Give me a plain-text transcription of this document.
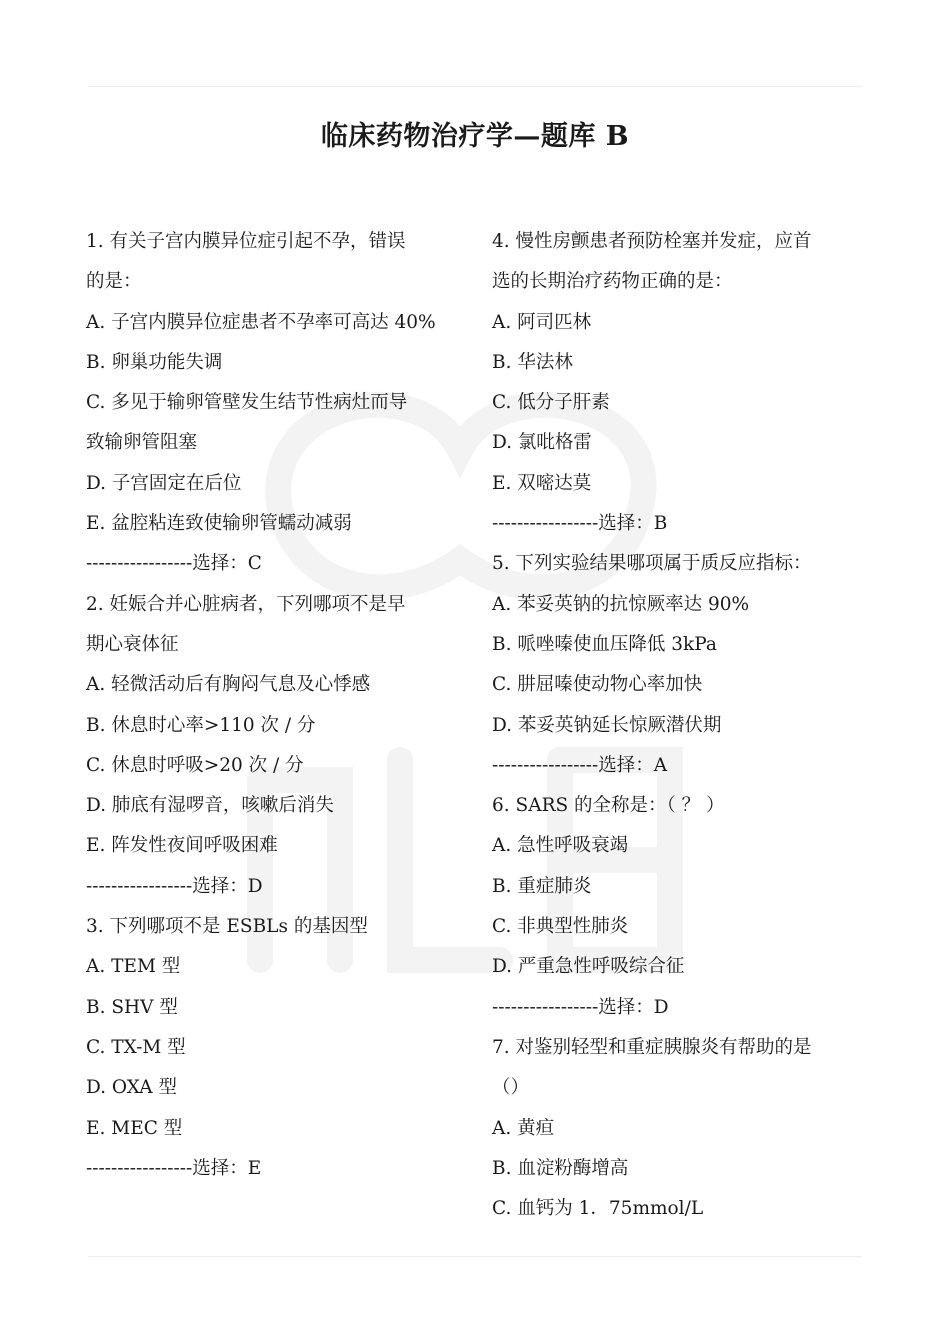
临床药物治疗学—题库 B
1. 有关子宫内膜异位症引起不孕，错误
的是：
A. 子宫内膜异位症患者不孕率可高达 40%
B. 卵巢功能失调
C. 多见于输卵管壁发生结节性病灶而导
致输卵管阻塞
D. 子宫固定在后位
E. 盆腔粘连致使输卵管蠕动减弱
-----------------选择：C
2. 妊娠合并心脏病者，下列哪项不是早
期心衰体征
A. 轻微活动后有胸闷气息及心悸感
B. 休息时心率>110 次 / 分
C. 休息时呼吸>20 次 / 分
D. 肺底有湿啰音，咳嗽后消失
E. 阵发性夜间呼吸困难
-----------------选择：D
3. 下列哪项不是 ESBLs 的基因型
A. TEM 型
B. SHV 型
C. TX-M 型
D. OXA 型
E. MEC 型
-----------------选择：E
4. 慢性房颤患者预防栓塞并发症，应首
选的长期治疗药物正确的是：
A. 阿司匹林
B. 华法林
C. 低分子肝素
D. 氯吡格雷
E. 双嘧达莫
-----------------选择：B
5. 下列实验结果哪项属于质反应指标：
A. 苯妥英钠的抗惊厥率达 90%
B. 哌唑嗪使血压降低 3kPa
C. 肼屈嗪使动物心率加快
D. 苯妥英钠延长惊厥潜伏期
-----------------选择：A
6. SARS 的全称是：（ ？ ）
A. 急性呼吸衰竭
B. 重症肺炎
C. 非典型性肺炎
D. 严重急性呼吸综合征
-----------------选择：D
7. 对鉴别轻型和重症胰腺炎有帮助的是
（）
A. 黄疸
B. 血淀粉酶增高
C. 血钙为 1．75mmol/L
